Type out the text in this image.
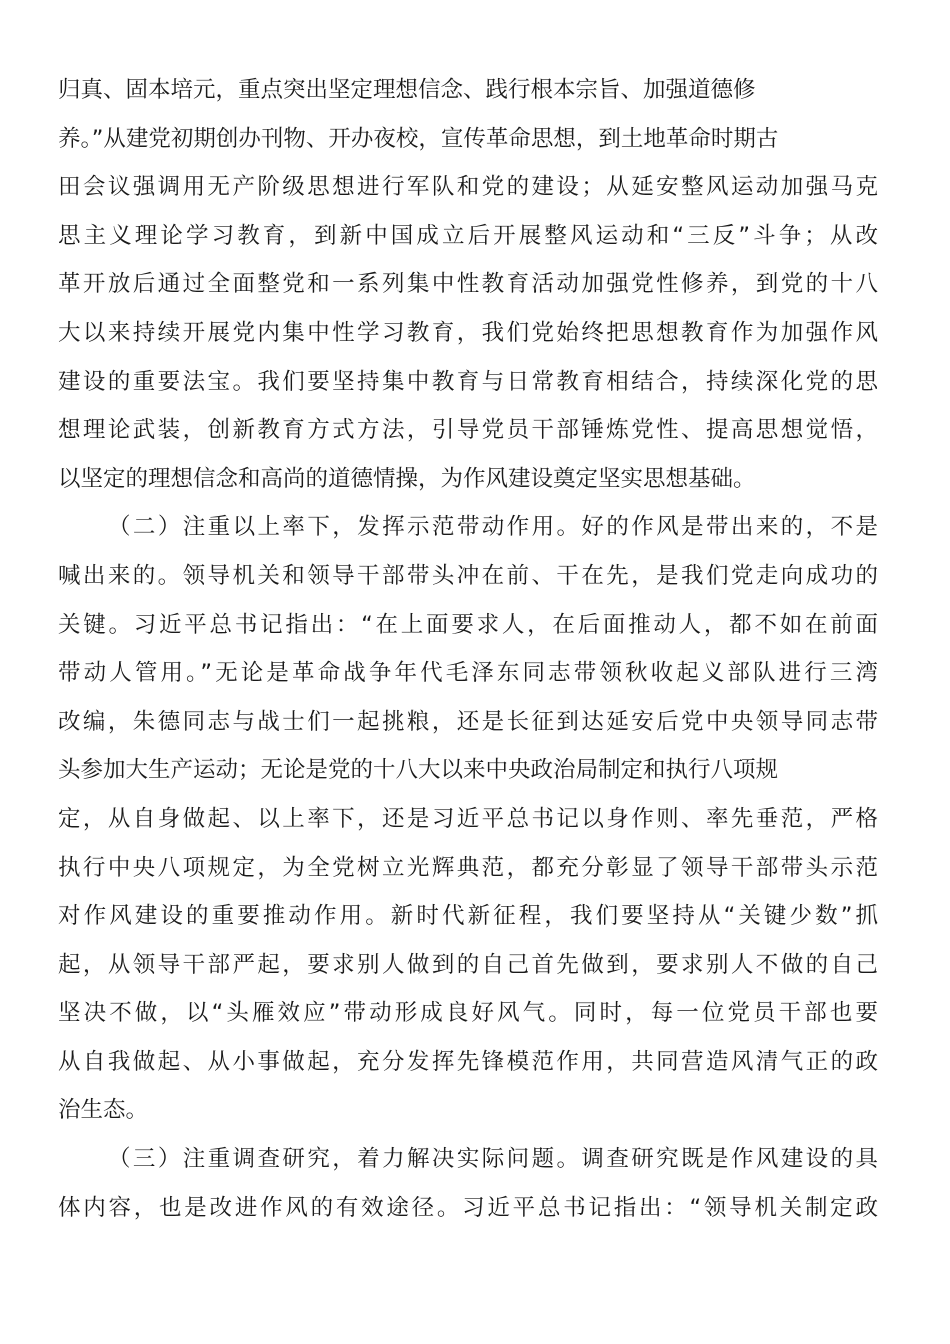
归真、固本培元，重点突出坚定理想信念、践行根本宗旨、加强道德修
养。”从建党初期创办刊物、开办夜校，宣传革命思想，到土地革命时期古
田会议强调用无产阶级思想进行军队和党的建设；从延安整风运动加强马克
思主义理论学习教育，到新中国成立后开展整风运动和“三反”斗争；从改
革开放后通过全面整党和一系列集中性教育活动加强党性修养，到党的十八
大以来持续开展党内集中性学习教育，我们党始终把思想教育作为加强作风
建设的重要法宝。我们要坚持集中教育与日常教育相结合，持续深化党的思
想理论武装，创新教育方式方法，引导党员干部锤炼党性、提高思想觉悟，
以坚定的理想信念和高尚的道德情操，为作风建设奠定坚实思想基础。
（二）注重以上率下，发挥示范带动作用。好的作风是带出来的，不是
喊出来的。领导机关和领导干部带头冲在前、干在先，是我们党走向成功的
关键。习近平总书记指出：“在上面要求人，在后面推动人，都不如在前面
带动人管用。”无论是革命战争年代毛泽东同志带领秋收起义部队进行三湾
改编，朱德同志与战士们一起挑粮，还是长征到达延安后党中央领导同志带
头参加大生产运动；无论是党的十八大以来中央政治局制定和执行八项规
定，从自身做起、以上率下，还是习近平总书记以身作则、率先垂范，严格
执行中央八项规定，为全党树立光辉典范，都充分彰显了领导干部带头示范
对作风建设的重要推动作用。新时代新征程，我们要坚持从“关键少数”抓
起，从领导干部严起，要求别人做到的自己首先做到，要求别人不做的自己
坚决不做，以“头雁效应”带动形成良好风气。同时，每一位党员干部也要
从自我做起、从小事做起，充分发挥先锋模范作用，共同营造风清气正的政
治生态。
（三）注重调查研究，着力解决实际问题。调查研究既是作风建设的具
体内容，也是改进作风的有效途径。习近平总书记指出：“领导机关制定政
